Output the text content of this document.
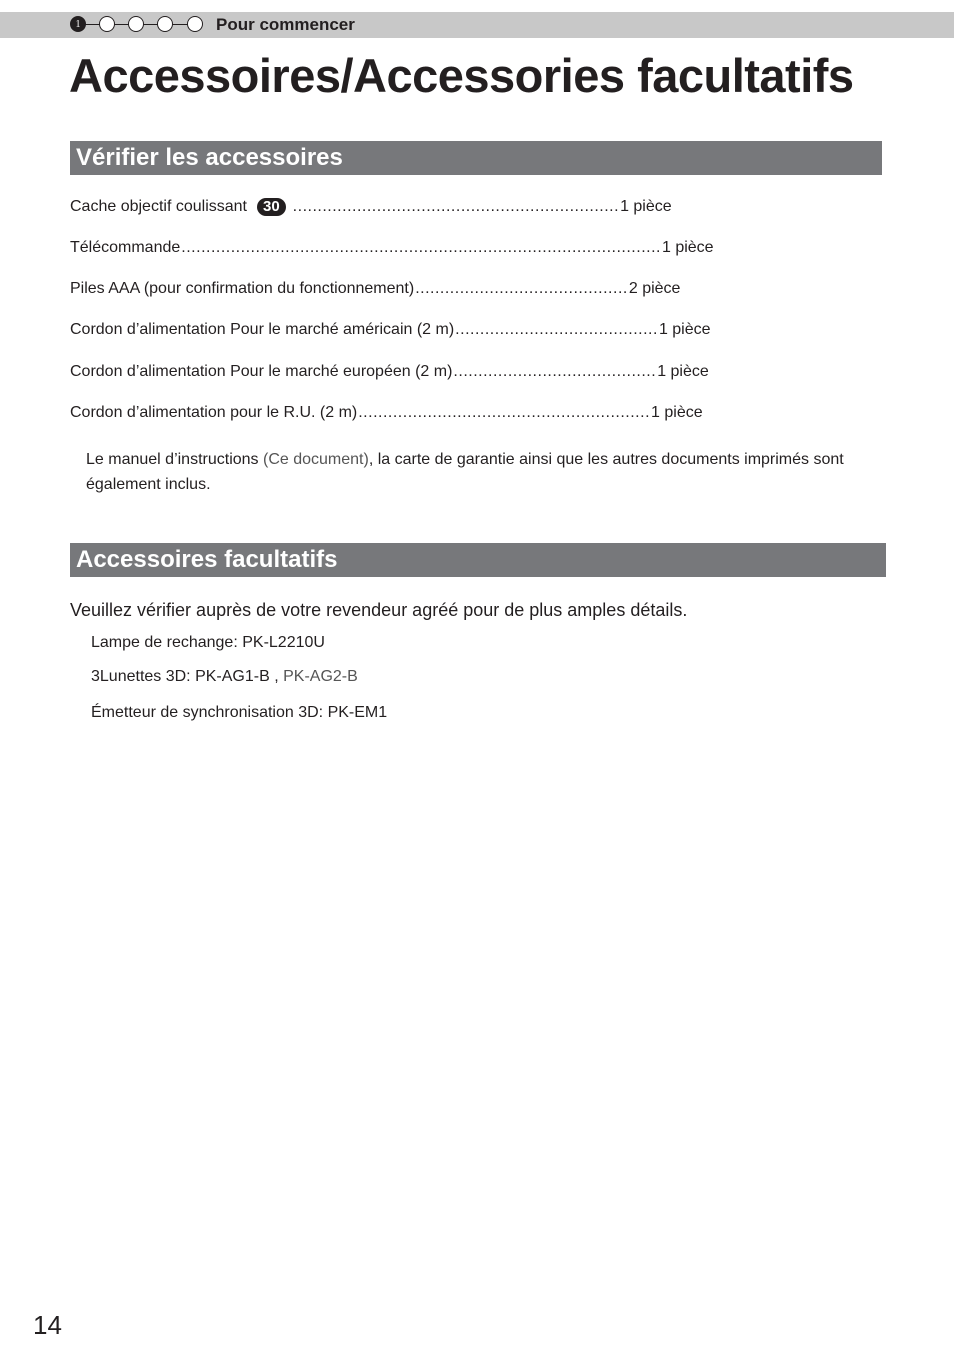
1	Pour commencer
Accessoires/Accessories facultatifs
Vérifier les accessoires
Cache objectif coulissant	30 .................................................................. 1 pièce
Télécommande ................................................................................................. 1 pièce
Piles AAA (pour confirmation du fonctionnement) ........................................... 2 pièce
Cordon d’alimentation Pour le marché américain (2 m) ......................................... 1 pièce
Cordon d’alimentation Pour le marché européen (2 m) ......................................... 1 pièce
Cordon d’alimentation pour le R.U. (2 m) ........................................................... 1 pièce
Le manuel d’instructions (Ce document), la carte de garantie ainsi que les autres documents imprimés sont également inclus.
Accessoires facultatifs
Veuillez vérifier auprès de votre revendeur agréé pour de plus amples détails.
Lampe de rechange: PK-L2210U
3Lunettes 3D: PK-AG1-B , PK-AG2-B
Émetteur de synchronisation 3D: PK-EM1
14
